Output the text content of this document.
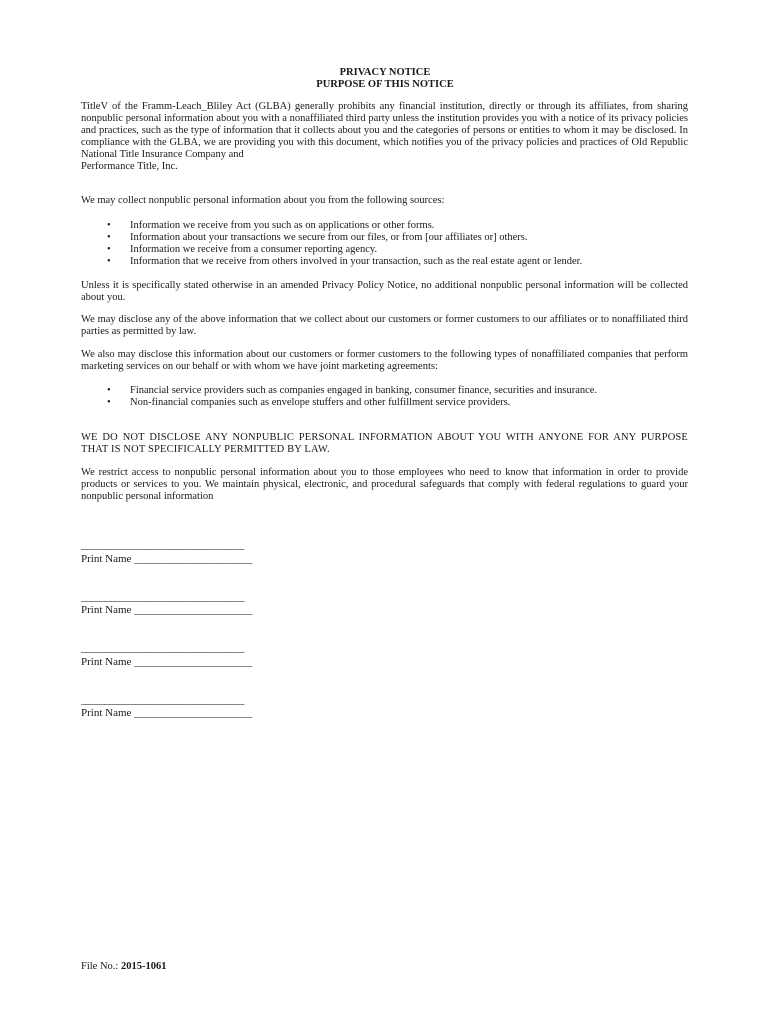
PRIVACY NOTICE
PURPOSE OF THIS NOTICE

TitleV of the Framm-Leach_Bliley Act (GLBA) generally prohibits any financial institution, directly or through its affiliates, from sharing nonpublic personal information about you with a nonaffiliated third party unless the institution provides you with a notice of its privacy policies and practices, such as the type of information that it collects about you and the categories of persons or entities to whom it may be disclosed. In compliance with the GLBA, we are providing you with this document, which notifies you of the privacy policies and practices of Old Republic National Title Insurance Company and
Performance Title, Inc.

We may collect nonpublic personal information about you from the following sources:

• Information we receive from you such as on applications or other forms.
• Information about your transactions we secure from our files, or from [our affiliates or] others.
• Information we receive from a consumer reporting agency.
• Information that we receive from others involved in your transaction, such as the real estate agent or lender.

Unless it is specifically stated otherwise in an amended Privacy Policy Notice, no additional nonpublic personal information will be collected about you.

We may disclose any of the above information that we collect about our customers or former customers to our affiliates or to nonaffiliated third parties as permitted by law.

We also may disclose this information about our customers or former customers to the following types of nonaffiliated companies that perform marketing services on our behalf or with whom we have joint marketing agreements:

• Financial service providers such as companies engaged in banking, consumer finance, securities and insurance.
• Non-financial companies such as envelope stuffers and other fulfillment service providers.

WE DO NOT DISCLOSE ANY NONPUBLIC PERSONAL INFORMATION ABOUT YOU WITH ANYONE FOR ANY PURPOSE THAT IS NOT SPECIFICALLY PERMITTED BY LAW.

We restrict access to nonpublic personal information about you to those employees who need to know that information in order to provide products or services to you. We maintain physical, electronic, and procedural safeguards that comply with federal regulations to guard your nonpublic personal information

___________________________________
Print Name ________________________
___________________________________
Print Name ________________________
___________________________________
Print Name ________________________
___________________________________
Print Name ________________________
File No.: 2015-1061
